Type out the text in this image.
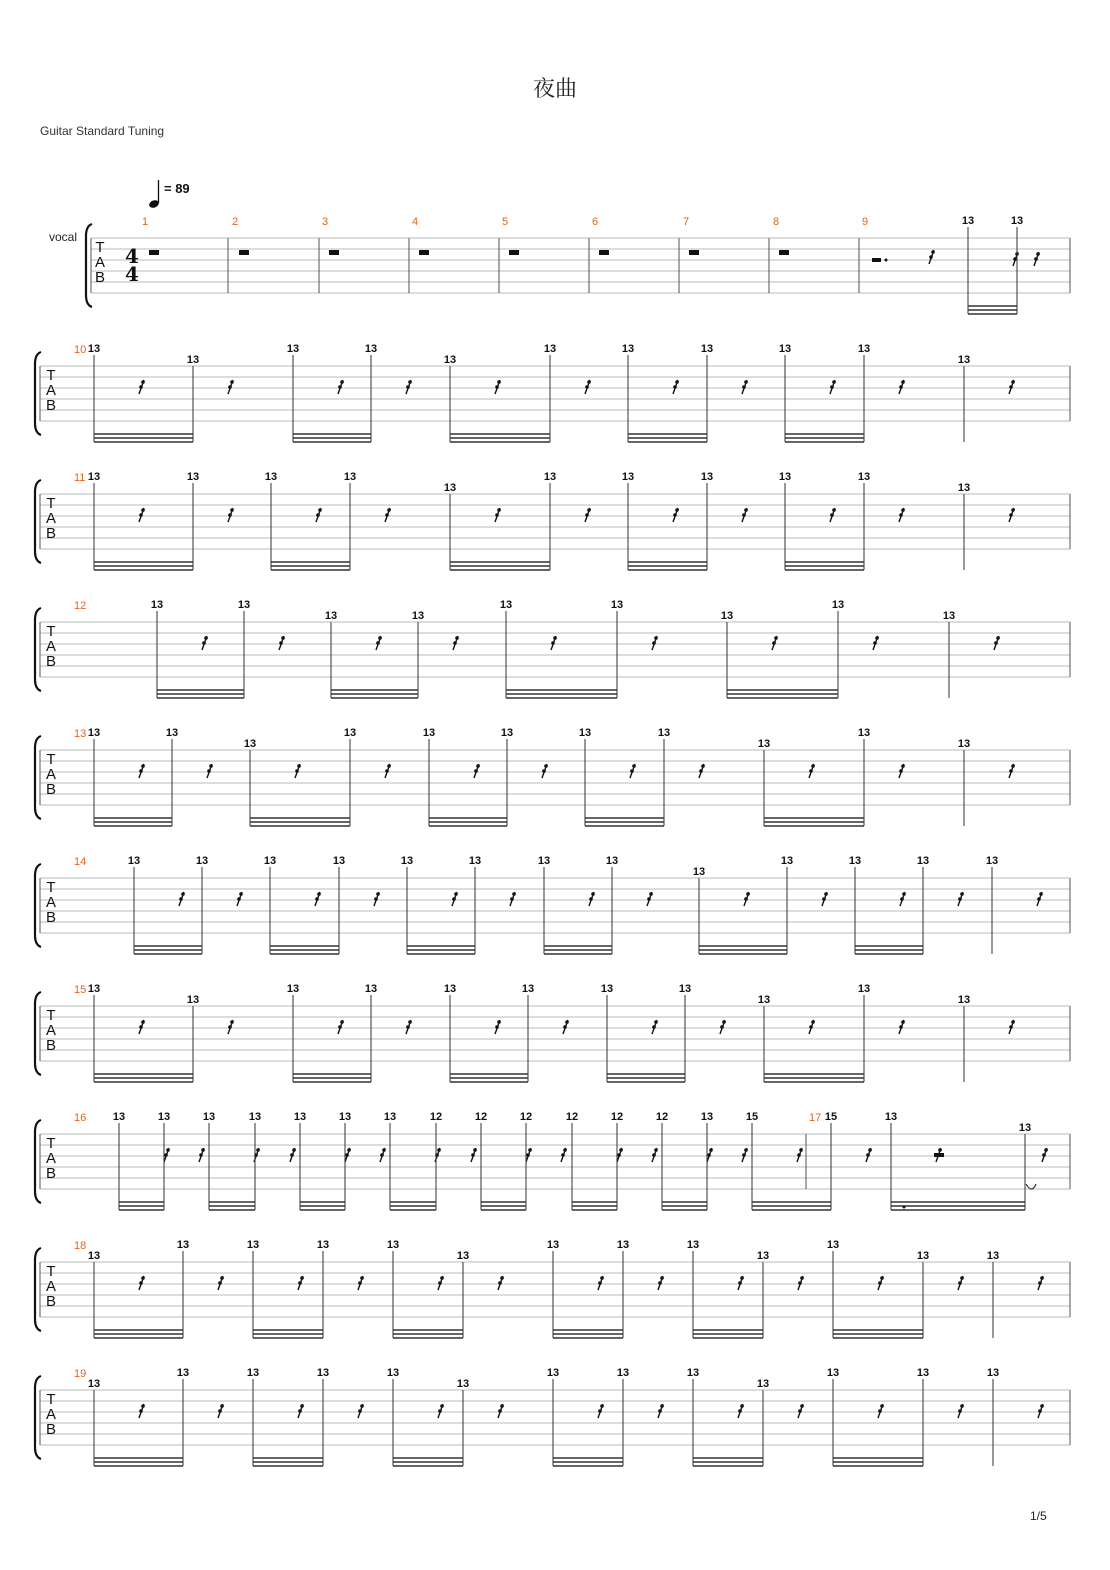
夜曲
Guitar Standard Tuning
1/5
T
A
B
1	2	3	4	5	6	7	8	9
4
4
= 89
vocal
13	13
T
A
B
10 13
13
13	13
13
13	13	13	13	13
13
T
A
B
11 13	13	13	13
13
13	13	13	13	13
13
T
A
B
12	13	13
13	13
13	13
13
13
13
T
A
B
13 13	13
13
13	13	13	13	13
13
13
13
T
A
B
14	13	13	13	13	13	13	13	13
13
13	13	13	13
T
A
B
15 13
13
13	13	13	13	13	13
13
13
13
T
A
B
16	17
13	13	13	13	13	13	13	12	12	12	12	12	12	13	15	15	13
13
T
A
B
18
13
13	13	13	13
13
13	13	13
13
13
13	13
T
A
B
19
13
13	13	13	13
13
13	13	13
13
13	13	13
